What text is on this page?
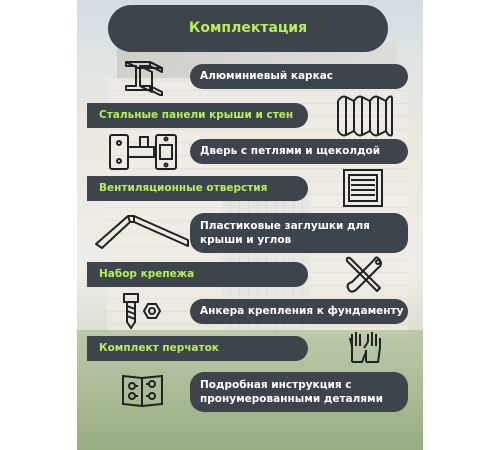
Комплектация
Алюминиевый каркас
Стальные панели крыши и стен
Дверь с петлями и щеколдой
Вентиляционные отверстия
Пластиковые заглушки для крыши и углов
Набор крепежа
Анкера крепления к фундаменту
Комплект перчаток
Подробная инструкция с пронумерованными деталями
